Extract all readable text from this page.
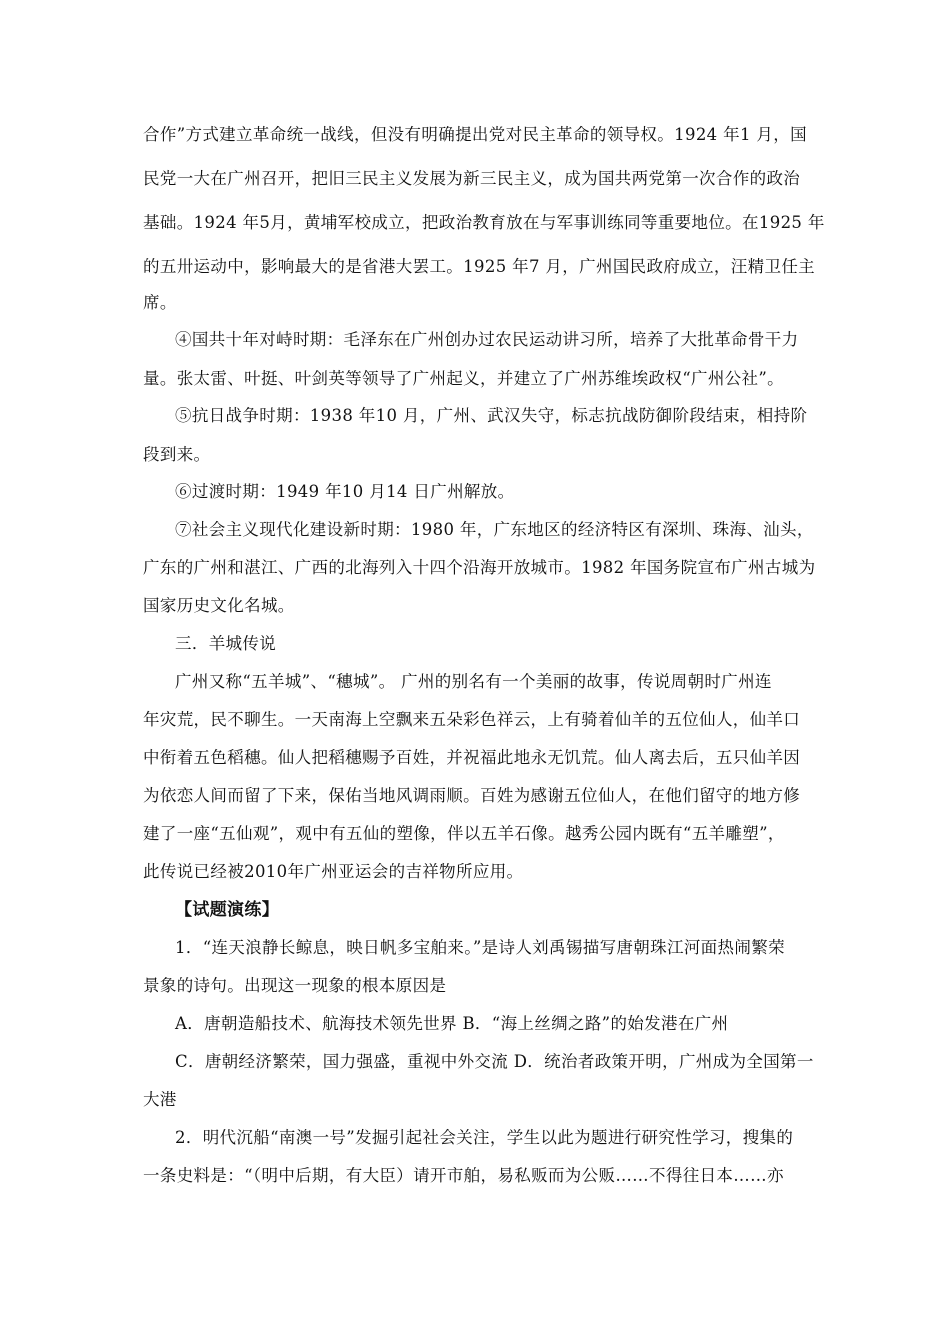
合作”方式建立革命统一战线，但没有明确提出党对民主革命的领导权。1924 年1 月，国
民党一大在广州召开，把旧三民主义发展为新三民主义，成为国共两党第一次合作的政治
基础。1924 年5月，黄埔军校成立，把政治教育放在与军事训练同等重要地位。在1925 年
的五卅运动中，影响最大的是省港大罢工。1925 年7 月，广州国民政府成立，汪精卫任主
席。
④国共十年对峙时期：毛泽东在广州创办过农民运动讲习所，培养了大批革命骨干力
量。张太雷、叶挺、叶剑英等领导了广州起义，并建立了广州苏维埃政权“广州公社”。
⑤抗日战争时期：1938 年10 月，广州、武汉失守，标志抗战防御阶段结束，相持阶
段到来。
⑥过渡时期：1949 年10 月14 日广州解放。
⑦社会主义现代化建设新时期：1980 年，广东地区的经济特区有深圳、珠海、汕头，
广东的广州和湛江、广西的北海列入十四个沿海开放城市。1982 年国务院宣布广州古城为
国家历史文化名城。
三．羊城传说
广州又称“五羊城”、“穗城”。 广州的别名有一个美丽的故事，传说周朝时广州连
年灾荒，民不聊生。一天南海上空飘来五朵彩色祥云，上有骑着仙羊的五位仙人，仙羊口
中衔着五色稻穗。仙人把稻穗赐予百姓，并祝福此地永无饥荒。仙人离去后，五只仙羊因
为依恋人间而留了下来，保佑当地风调雨顺。百姓为感谢五位仙人，在他们留守的地方修
建了一座“五仙观”，观中有五仙的塑像，伴以五羊石像。越秀公园内既有“五羊雕塑”，
此传说已经被2010年广州亚运会的吉祥物所应用。
【试题演练】
1．“连天浪静长鲸息，映日帆多宝舶来。”是诗人刘禹锡描写唐朝珠江河面热闹繁荣
景象的诗句。出现这一现象的根本原因是
A．唐朝造船技术、航海技术领先世界 B．“海上丝绸之路”的始发港在广州
C．唐朝经济繁荣，国力强盛，重视中外交流 D．统治者政策开明，广州成为全国第一
大港
2．明代沉船“南澳一号”发掘引起社会关注，学生以此为题进行研究性学习，搜集的
一条史料是：“（明中后期，有大臣）请开市舶，易私贩而为公贩……不得往日本……亦
